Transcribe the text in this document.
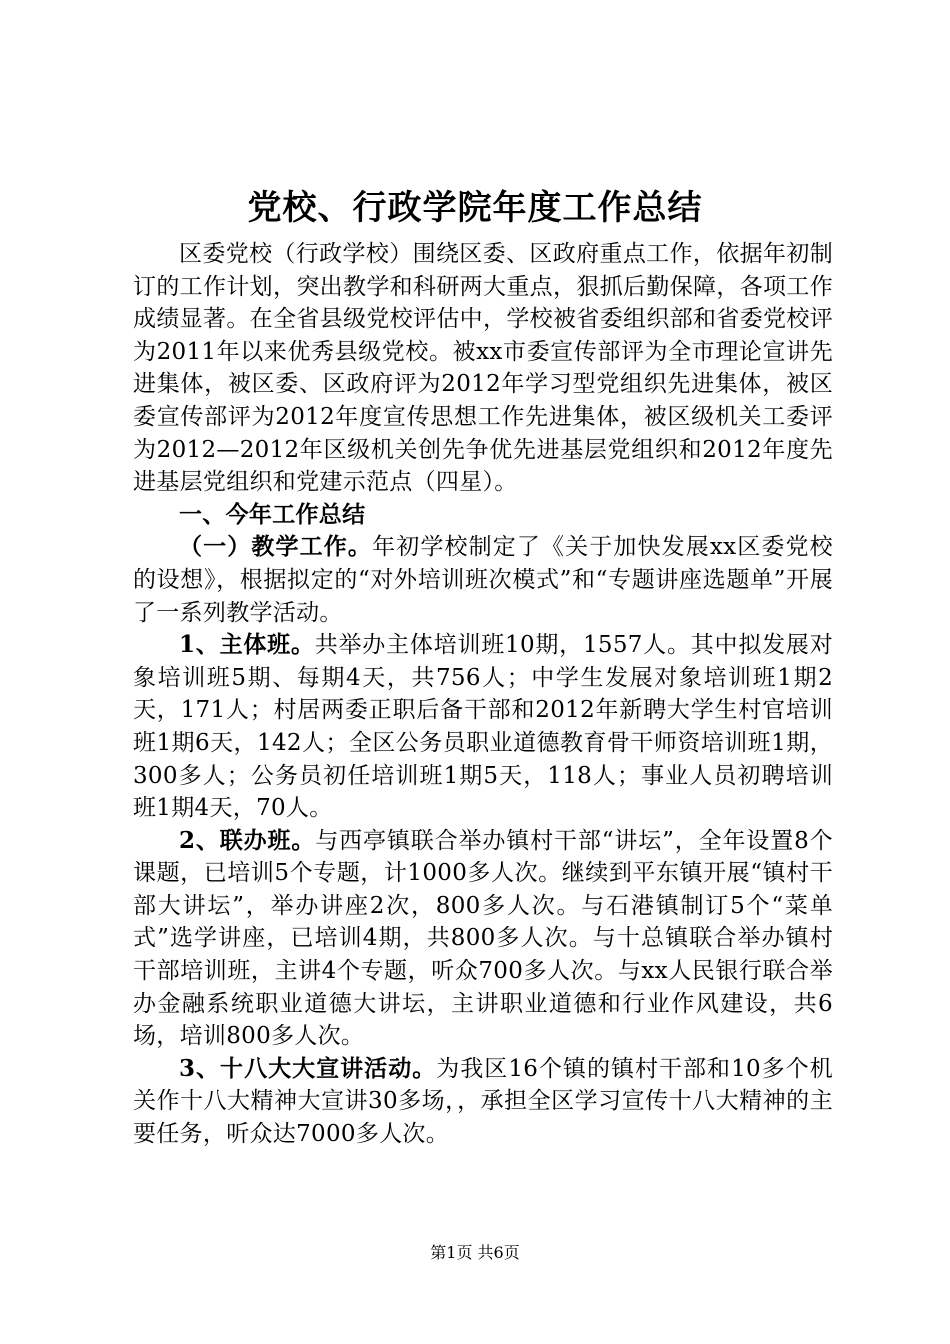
党校、行政学院年度工作总结

区委党校（行政学校）围绕区委、区政府重点工作，依据年初制订的工作计划，突出教学和科研两大重点，狠抓后勤保障，各项工作成绩显著。在全省县级党校评估中，学校被省委组织部和省委党校评为2011年以来优秀县级党校。被xx市委宣传部评为全市理论宣讲先进集体，被区委、区政府评为2012年学习型党组织先进集体，被区委宣传部评为2012年度宣传思想工作先进集体，被区级机关工委评为2012—2012年区级机关创先争优先进基层党组织和2012年度先进基层党组织和党建示范点（四星）。

一、今年工作总结

（一）教学工作。年初学校制定了《关于加快发展xx区委党校的设想》，根据拟定的“对外培训班次模式”和“专题讲座选题单”开展了一系列教学活动。

1、主体班。共举办主体培训班10期，1557人。其中拟发展对象培训班5期、每期4天，共756人；中学生发展对象培训班1期2天，171人；村居两委正职后备干部和2012年新聘大学生村官培训班1期6天，142人；全区公务员职业道德教育骨干师资培训班1期，300多人；公务员初任培训班1期5天，118人；事业人员初聘培训班1期4天，70人。

2、联办班。与西亭镇联合举办镇村干部“讲坛”，全年设置8个课题，已培训5个专题，计1000多人次。继续到平东镇开展“镇村干部大讲坛”，举办讲座2次，800多人次。与石港镇制订5个“菜单式”选学讲座，已培训4期，共800多人次。与十总镇联合举办镇村干部培训班，主讲4个专题，听众700多人次。与xx人民银行联合举办金融系统职业道德大讲坛，主讲职业道德和行业作风建设，共6场，培训800多人次。

3、十八大大宣讲活动。为我区16个镇的镇村干部和10多个机关作十八大精神大宣讲30多场，，承担全区学习宣传十八大精神的主要任务，听众达7000多人次。

第1页 共6页
